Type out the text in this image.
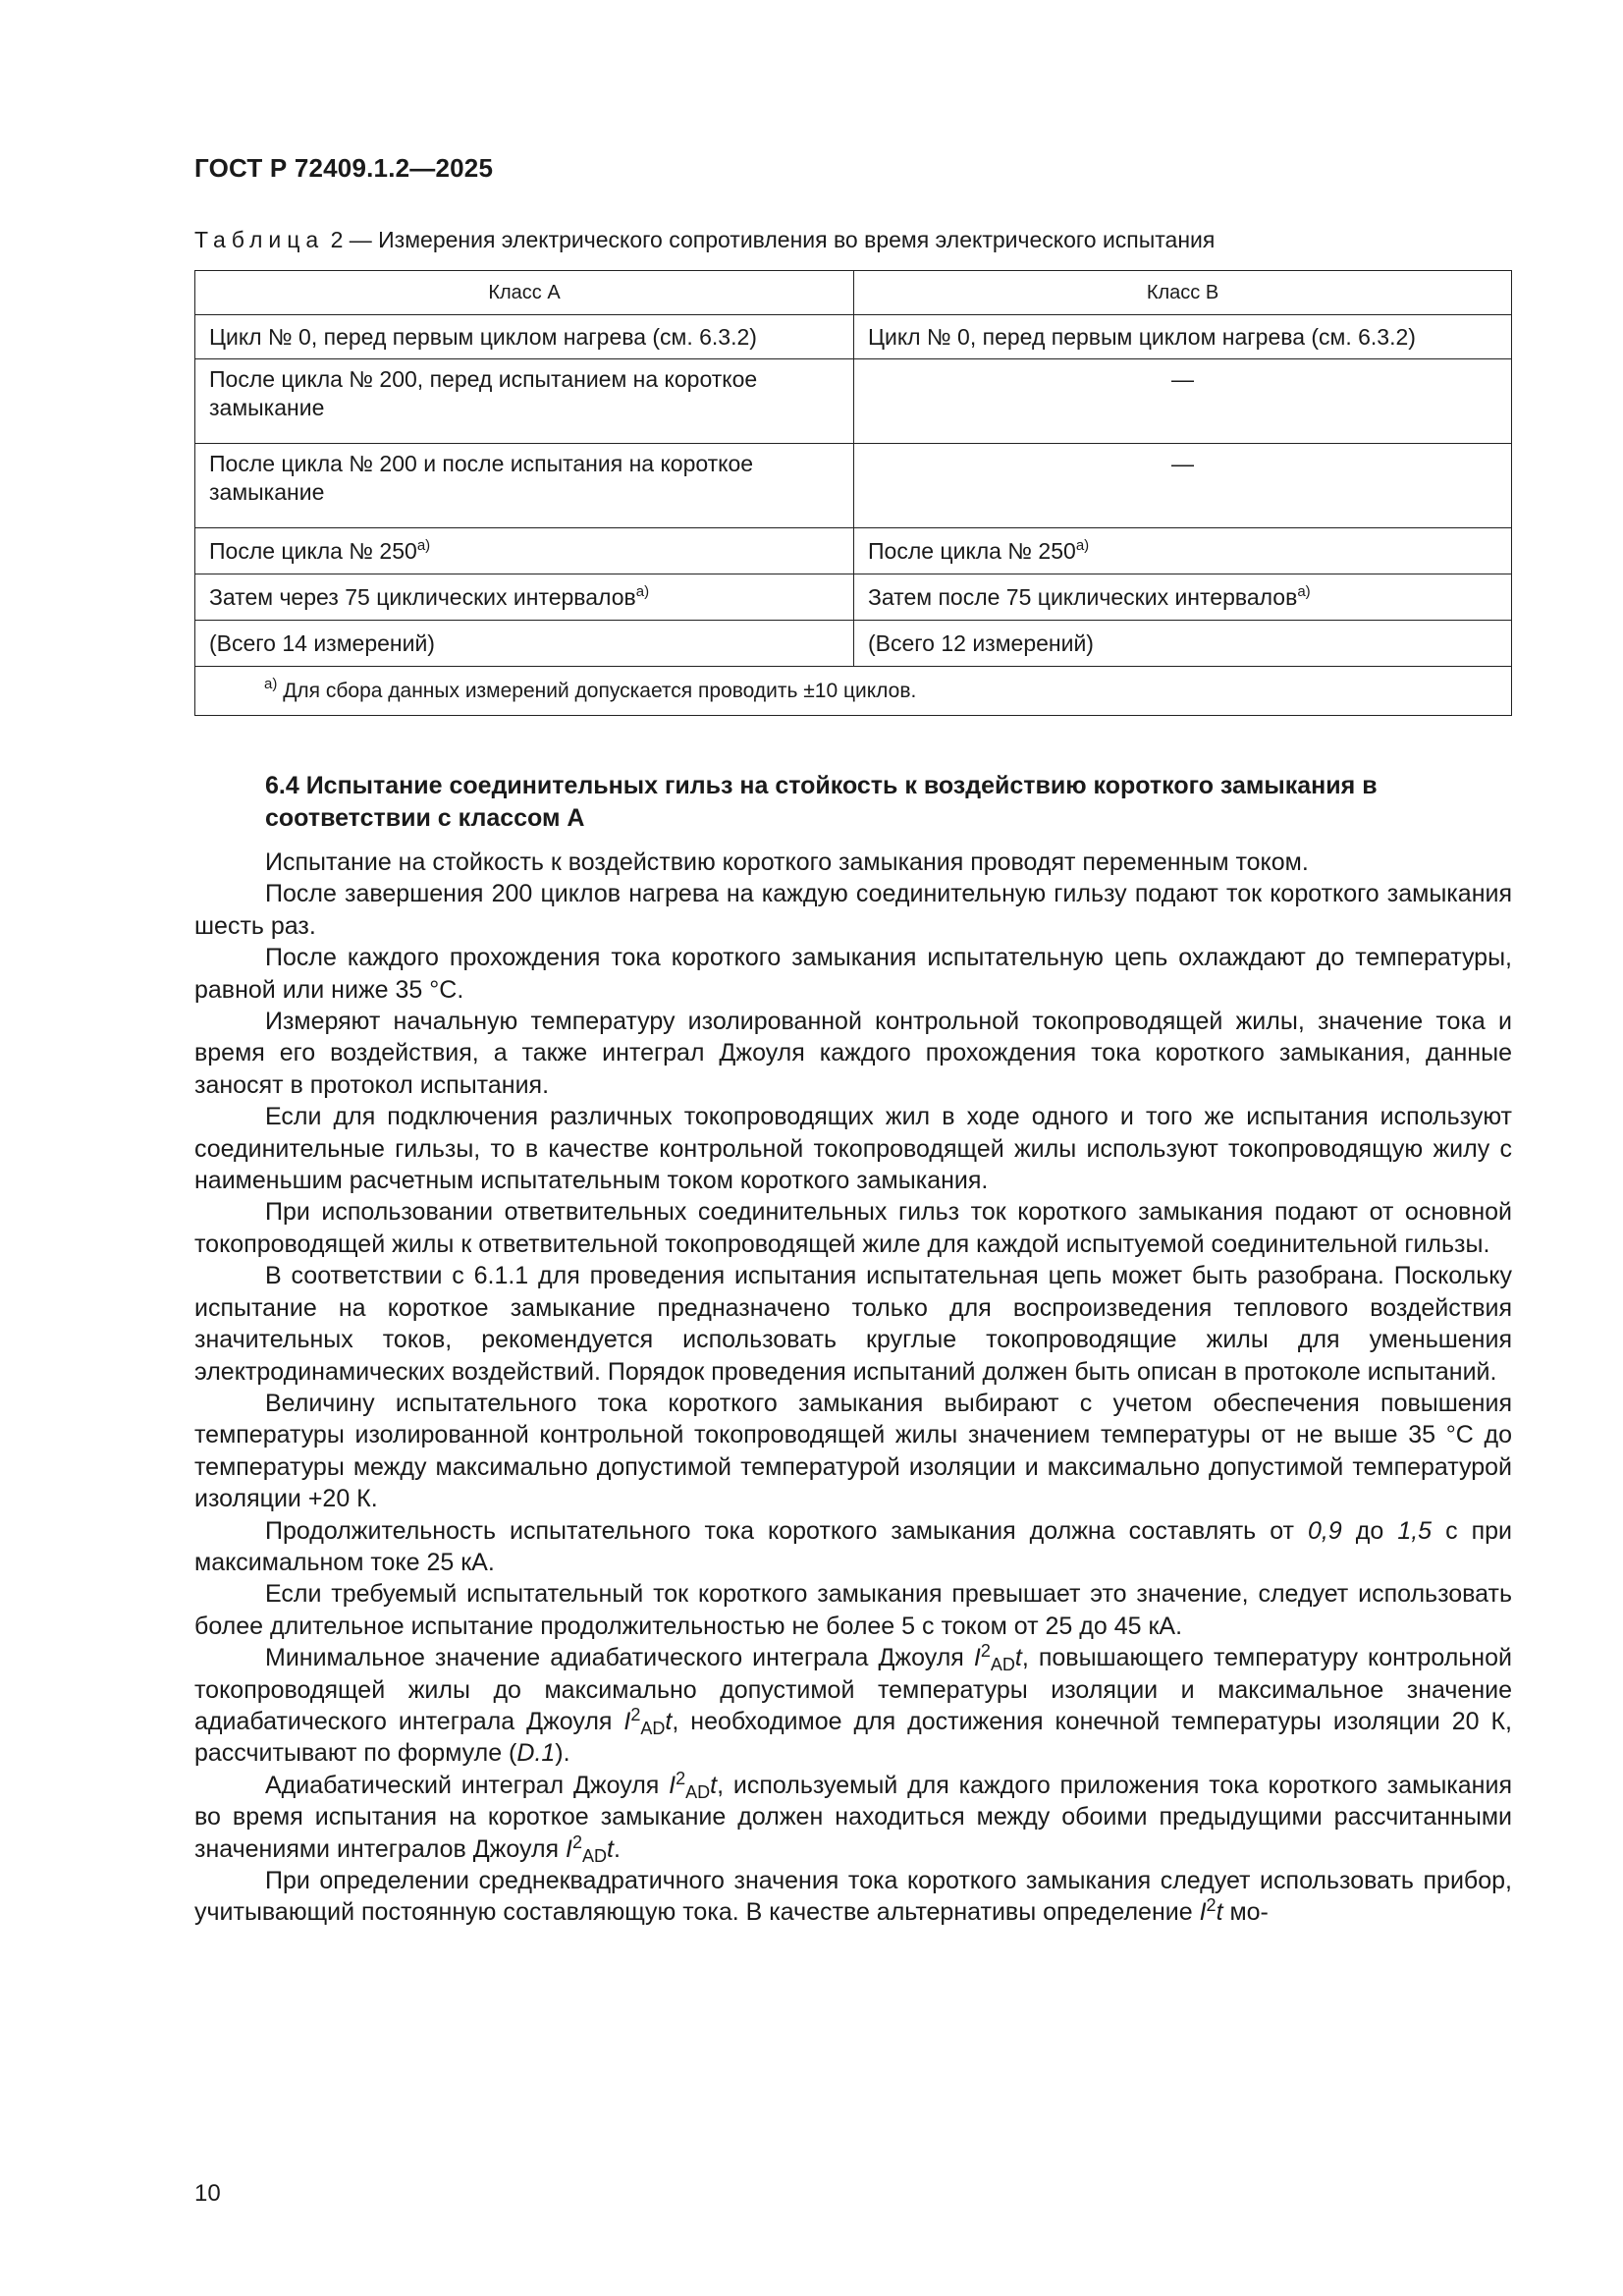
ГОСТ Р 72409.1.2—2025
Таблица 2 — Измерения электрического сопротивления во время электрического испытания
Класс А	Класс В
Цикл № 0, перед первым циклом нагрева (см. 6.3.2)	Цикл № 0, перед первым циклом нагрева (см. 6.3.2)
После цикла № 200, перед испытанием на короткое замыкание	—
После цикла № 200 и после испытания на короткое замыкание	—
После цикла № $250^{а)}$	После цикла № $250^{а)}$
Затем через 75 циклических интервалов$^{а)}$	Затем после 75 циклических интервалов$^{а)}$
(Всего 14 измерений)	(Всего 12 измерений)
$^{а)}$ Для сбора данных измерений допускается проводить ±10 циклов.	
6.4 Испытание соединительных гильз на стойкость к воздействию короткого замыкания в соответствии с классом А

Испытание на стойкость к воздействию короткого замыкания проводят переменным током.

После завершения 200 циклов нагрева на каждую соединительную гильзу подают ток короткого замыкания шесть раз.

После каждого прохождения тока короткого замыкания испытательную цепь охлаждают до температуры, равной или ниже 35 °С.

Измеряют начальную температуру изолированной контрольной токопроводящей жилы, значение тока и время его воздействия, а также интеграл Джоуля каждого прохождения тока короткого замыкания, данные заносят в протокол испытания.

Если для подключения различных токопроводящих жил в ходе одного и того же испытания используют соединительные гильзы, то в качестве контрольной токопроводящей жилы используют токопроводящую жилу с наименьшим расчетным испытательным током короткого замыкания.

При использовании ответвительных соединительных гильз ток короткого замыкания подают от основной токопроводящей жилы к ответвительной токопроводящей жиле для каждой испытуемой соединительной гильзы.

В соответствии с 6.1.1 для проведения испытания испытательная цепь может быть разобрана. Поскольку испытание на короткое замыкание предназначено только для воспроизведения теплового воздействия значительных токов, рекомендуется использовать круглые токопроводящие жилы для уменьшения электродинамических воздействий. Порядок проведения испытаний должен быть описан в протоколе испытаний.

Величину испытательного тока короткого замыкания выбирают с учетом обеспечения повышения температуры изолированной контрольной токопроводящей жилы значением температуры от не выше 35 °С до температуры между максимально допустимой температурой изоляции и максимально допустимой температурой изоляции +20 К.

Продолжительность испытательного тока короткого замыкания должна составлять от 0,9 до 1,5 с при максимальном токе 25 кА.

Если требуемый испытательный ток короткого замыкания превышает это значение, следует использовать более длительное испытание продолжительностью не более 5 с током от 25 до 45 кА.

Минимальное значение адиабатического интеграла Джоуля $I^2_{AD}t$, повышающего температуру контрольной токопроводящей жилы до максимально допустимой температуры изоляции и максимальное значение адиабатического интеграла Джоуля $I^2_{AD}t$, необходимое для достижения конечной температуры изоляции 20 К, рассчитывают по формуле (D.1).

Адиабатический интеграл Джоуля $I^2_{AD}t$, используемый для каждого приложения тока короткого замыкания во время испытания на короткое замыкание должен находиться между обоими предыдущими рассчитанными значениями интегралов Джоуля $I^2_{AD}t$.

При определении среднеквадратичного значения тока короткого замыкания следует использовать прибор, учитывающий постоянную составляющую тока. В качестве альтернативы определение $I^2t$ мо-

10
